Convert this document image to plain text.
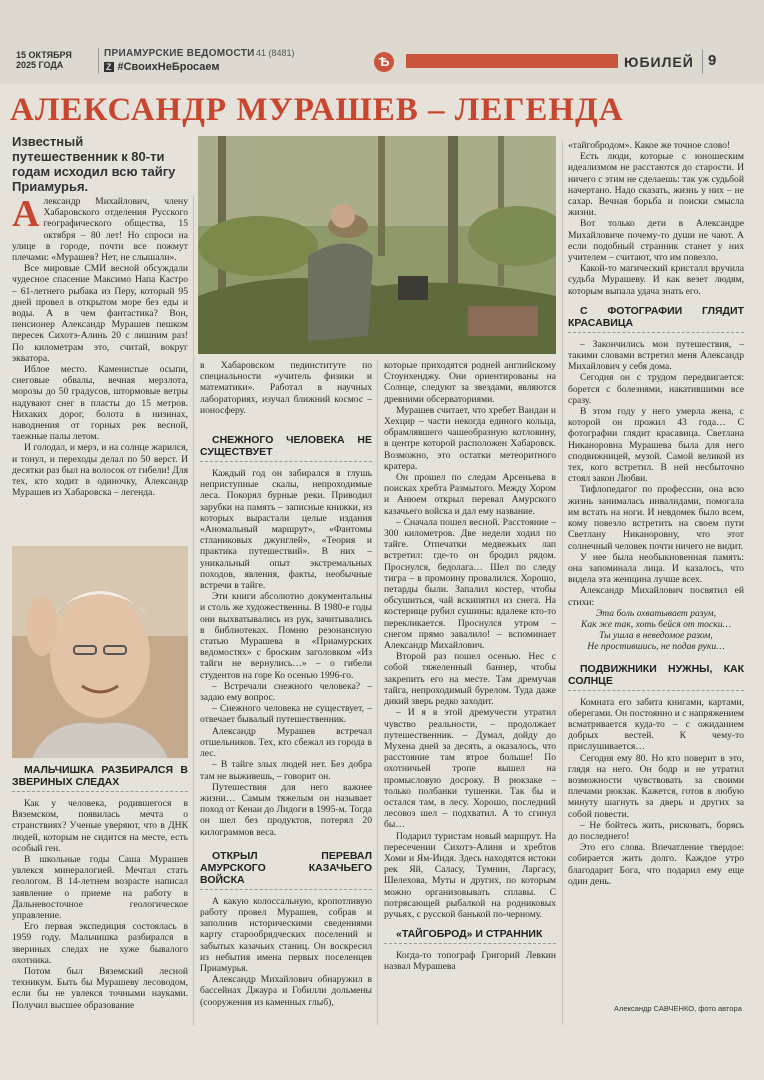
15 ОКТЯБРЯ 2025 ГОДА
ПРИАМУРСКИЕ ВЕДОМОСТИ 41 (8481)
Z #СвоихНеБросаем	Ѣ	ЮБИЛЕЙ 9
АЛЕКСАНДР МУРАШЕВ – ЛЕГЕНДА
Известный путешественник к 80-ти годам исходил всю тайгу Приамурья.

Александр Михайлович, члену Хабаровского отделения Русского географического общества, 15 октября – 80 лет! Но спроси на улице в городе, почти все пожмут плечами: «Мурашев? Нет, не слышали».

Все мировые СМИ весной обсуждали чудесное спасение Максимо Напа Кастро – 61-летнего рыбака из Перу, который 95 дней провел в открытом море без еды и воды. А в чем фантастика? Вон, пенсионер Александр Мурашев пешком пересек Сихотэ-Алинь 20 с лишним раз! По километрам это, считай, вокруг экватора.

Иблое место. Каменистые осыпи, снеговые обвалы, вечная мерзлота, морозы до 50 градусов, штормовые ветры надувают снег в пласты до 15 метров. Нихаких дорог, болота в низинах, наводнения от горных рек весной, таежные палы летом.

И голодал, и мерз, и на солнце жарился, и тонул, и переходы делал по 50 верст. И десятки раз был на волосок от гибели! Для тех, кто ходит в одиночку, Александр Мурашев из Хабаровска – легенда.

МАЛЬЧИШКА РАЗБИРАЛСЯ В ЗВЕРИНЫХ СЛЕДАХ

Как у человека, родившегося в Вяземском, появилась мечта о странствиях? Ученые уверяют, что в ДНК людей, которым не сидится на месте, есть особый ген.

В школьные годы Саша Мурашев увлекся минералогией. Мечтал стать геологом. В 14-летнем возрасте написал заявление о приеме на работу в Дальневосточное геологическое управление.

Его первая экспедиция состоялась в 1959 году. Мальчишка разбирался в звериных следах не хуже бывалого охотника.

Потом был Вяземский лесной техникум. Быть бы Мурашеву лесоводом, если бы не увлекся точными науками. Получил высшее образование

в Хабаровском пединституте по специальности «учитель физики и математики». Работал в научных лабораториях, изучал ближний космос – ионосферу.

СНЕЖНОГО ЧЕЛОВЕКА НЕ СУЩЕСТВУЕТ

Каждый год он забирался в глушь неприступные скалы, непроходимые леса. Покорял бурные реки. Приводил зарубки на память – записные книжки, из которых вырастали целые издания «Аномальный маршрут», «Фантомы стланиковых джунглей», «Теория и практика путешествий». В них – уникальный опыт экстремальных походов, явления, факты, необычные встречи в тайге.

Эти книги абсолютно документальны и столь же художественны. В 1980-е годы они выхватывались из рук, зачитывались в библиотеках. Помню резонансную статью Мурашева в «Приамурских ведомостях» с броским заголовком «Из тайги не вернулись…» – о гибели студентов на горе Ко осенью 1996-го.

– Встречали снежного человека? – задаю ему вопрос.

– Снежного человека не существует, – отвечает бывалый путешественник.

Александр Мурашев встречал отшельников. Тех, кто сбежал из города в лес.

– В тайге злых людей нет. Без добра там не выживешь, – говорит он.

Путешествия для него важнее жизни… Самым тяжелым он называет поход от Кенаи до Лидоги в 1995-м. Тогда он шел без продуктов, потерял 20 килограммов веса.

ОТКРЫЛ ПЕРЕВАЛ АМУРСКОГО КАЗАЧЬЕГО ВОЙСКА

А какую колоссальную, кропотливую работу провел Мурашев, собрав и заполнив историческими сведениями карту старообрядческих поселений и забытых казачьих станиц. Он воскресил из небытия имена первых поселенцев Приамурья.

Александр Михайлович обнаружил в бассейнах Джаура и Гобилли дольмены (сооружения из каменных глыб),

которые приходятся родней английскому Стоунхенджу. Они ориентированы на Солнце, следуют за звездами, являются древними обсерваториями.

Мурашев считает, что хребет Вандан и Хехцир – части некогда единого кольца, обрамлявшего чашеобразную котловину, в центре которой расположен Хабаровск. Возможно, это остатки метеоритного кратера.

Он прошел по следам Арсеньева в поисках хребта Размытого. Между Хором и Анюем открыл перевал Амурского казачьего войска и дал ему название.

– Сначала пошел весной. Расстояние – 300 километров. Две недели ходил по тайге. Отпечатки медвежьих лап встретил: где-то он бродил рядом. Проснулся, бедолага… Шел по следу тигра – в промоину провалился. Хорошо, петарды были. Запалил костер, чтобы обсушиться, чай вскипятил из снега. На костерище рубил сушины: вдалеке кто-то перекликается. Проснулся утром – снегом прямо завалило! – вспоминает Александр Михайлович.

Второй раз пошел осенью. Нес с собой тяжеленный баннер, чтобы закрепить его на месте. Там дремучая тайга, непроходимый бурелом. Туда даже дикий зверь редко заходит.

– И я в этой дремучести утратил чувство реальности, – продолжает путешественник. – Думал, дойду до Мухена дней за десять, а оказалось, что расстояние там втрое больше! По охотничьей тропе вышел на промысловую досроку. В рюкзаке – только полбанки тушенки. Так бы и остался там, в лесу. Хорошо, последний лесовоз шел – подхватил. А то сгинул бы…

Подарил туристам новый маршрут. На пересечении Сихотэ-Алиня и хребтов Хоми и Ям-Иидя. Здесь находятся истоки рек Яй, Саласу, Тумнин, Ларгасу, Шелехова, Муты и других, по которым можно организовывать сплавы. С потрясающей рыбалкой на родниковых ручьях, с русской банькой по-черному.

«ТАЙГОБРОД» И СТРАННИК

Когда-то топограф Григорий Левкин назвал Мурашева

«тайгобродом». Какое же точное слово!

Есть люди, которые с юношеским идеализмом не расстаются до старости. И ничего с этим не сделаешь: так уж судьбой начертано. Надо сказать, жизнь у них – не сахар. Вечная борьба и поиски смысла жизни.

Вот только дети в Александре Михайловиче почему-то души не чают. А если подобный странник станет у них учителем – считают, что им повезло.

Какой-то магический кристалл вручила судьба Мурашеву. И как везет людям, которым выпала удача знать его.

С ФОТОГРАФИИ ГЛЯДИТ КРАСАВИЦА

– Закончились мои путешествия, – такими словами встретил меня Александр Михайлович у себя дома.

Сегодня он с трудом передвигается: борется с болезнями, накатившими все сразу.

В этом году у него умерла жена, с которой он прожил 43 года… С фотографии глядит красавица. Светлана Никаноровна Мурашева была для него сподвижницей, музой. Самой великой из тех, кого встретил. В ней несбыточно стоял закон Любви.

Тифлопедагог по профессии, она всю жизнь занималась инвалидами, помогала им встать на ноги. И невдомек было всем, кому повезло встретить на своем пути Светлану Никаноровну, что этот солнечный человек почти ничего не видит.

У нее была необыкновенная память: она запоминала лица. И казалось, что видела эта женщина лучше всех.

Александр Михайлович посвятил ей стихи:

Эта боль охватывает разум,
Как же так, хоть бейся от тоски…
Ты ушла в неведомое разом,
Не простившись, не подав руки…

ПОДВИЖНИКИ НУЖНЫ, КАК СОЛНЦЕ

Комната его забита книгами, картами, оберегами. Он постоянно и с напряжением всматривается куда-то – с ожиданием добрых вестей. К чему-то прислушивается…

Сегодня ему 80. Но кто поверит в это, глядя на него. Он бодр и не утратил возможности чувствовать за своими плечами рюкзак. Кажется, готов в любую минуту шагнуть за дверь и других за собой повести.

– Не бойтесь жить, рисковать, борясь до последнего!

Это его слова. Впечатление твердое: собирается жить долго. Каждое утро благодарит Бога, что подарил ему еще один день.

Александр САВЧЕНКО, фото автора
